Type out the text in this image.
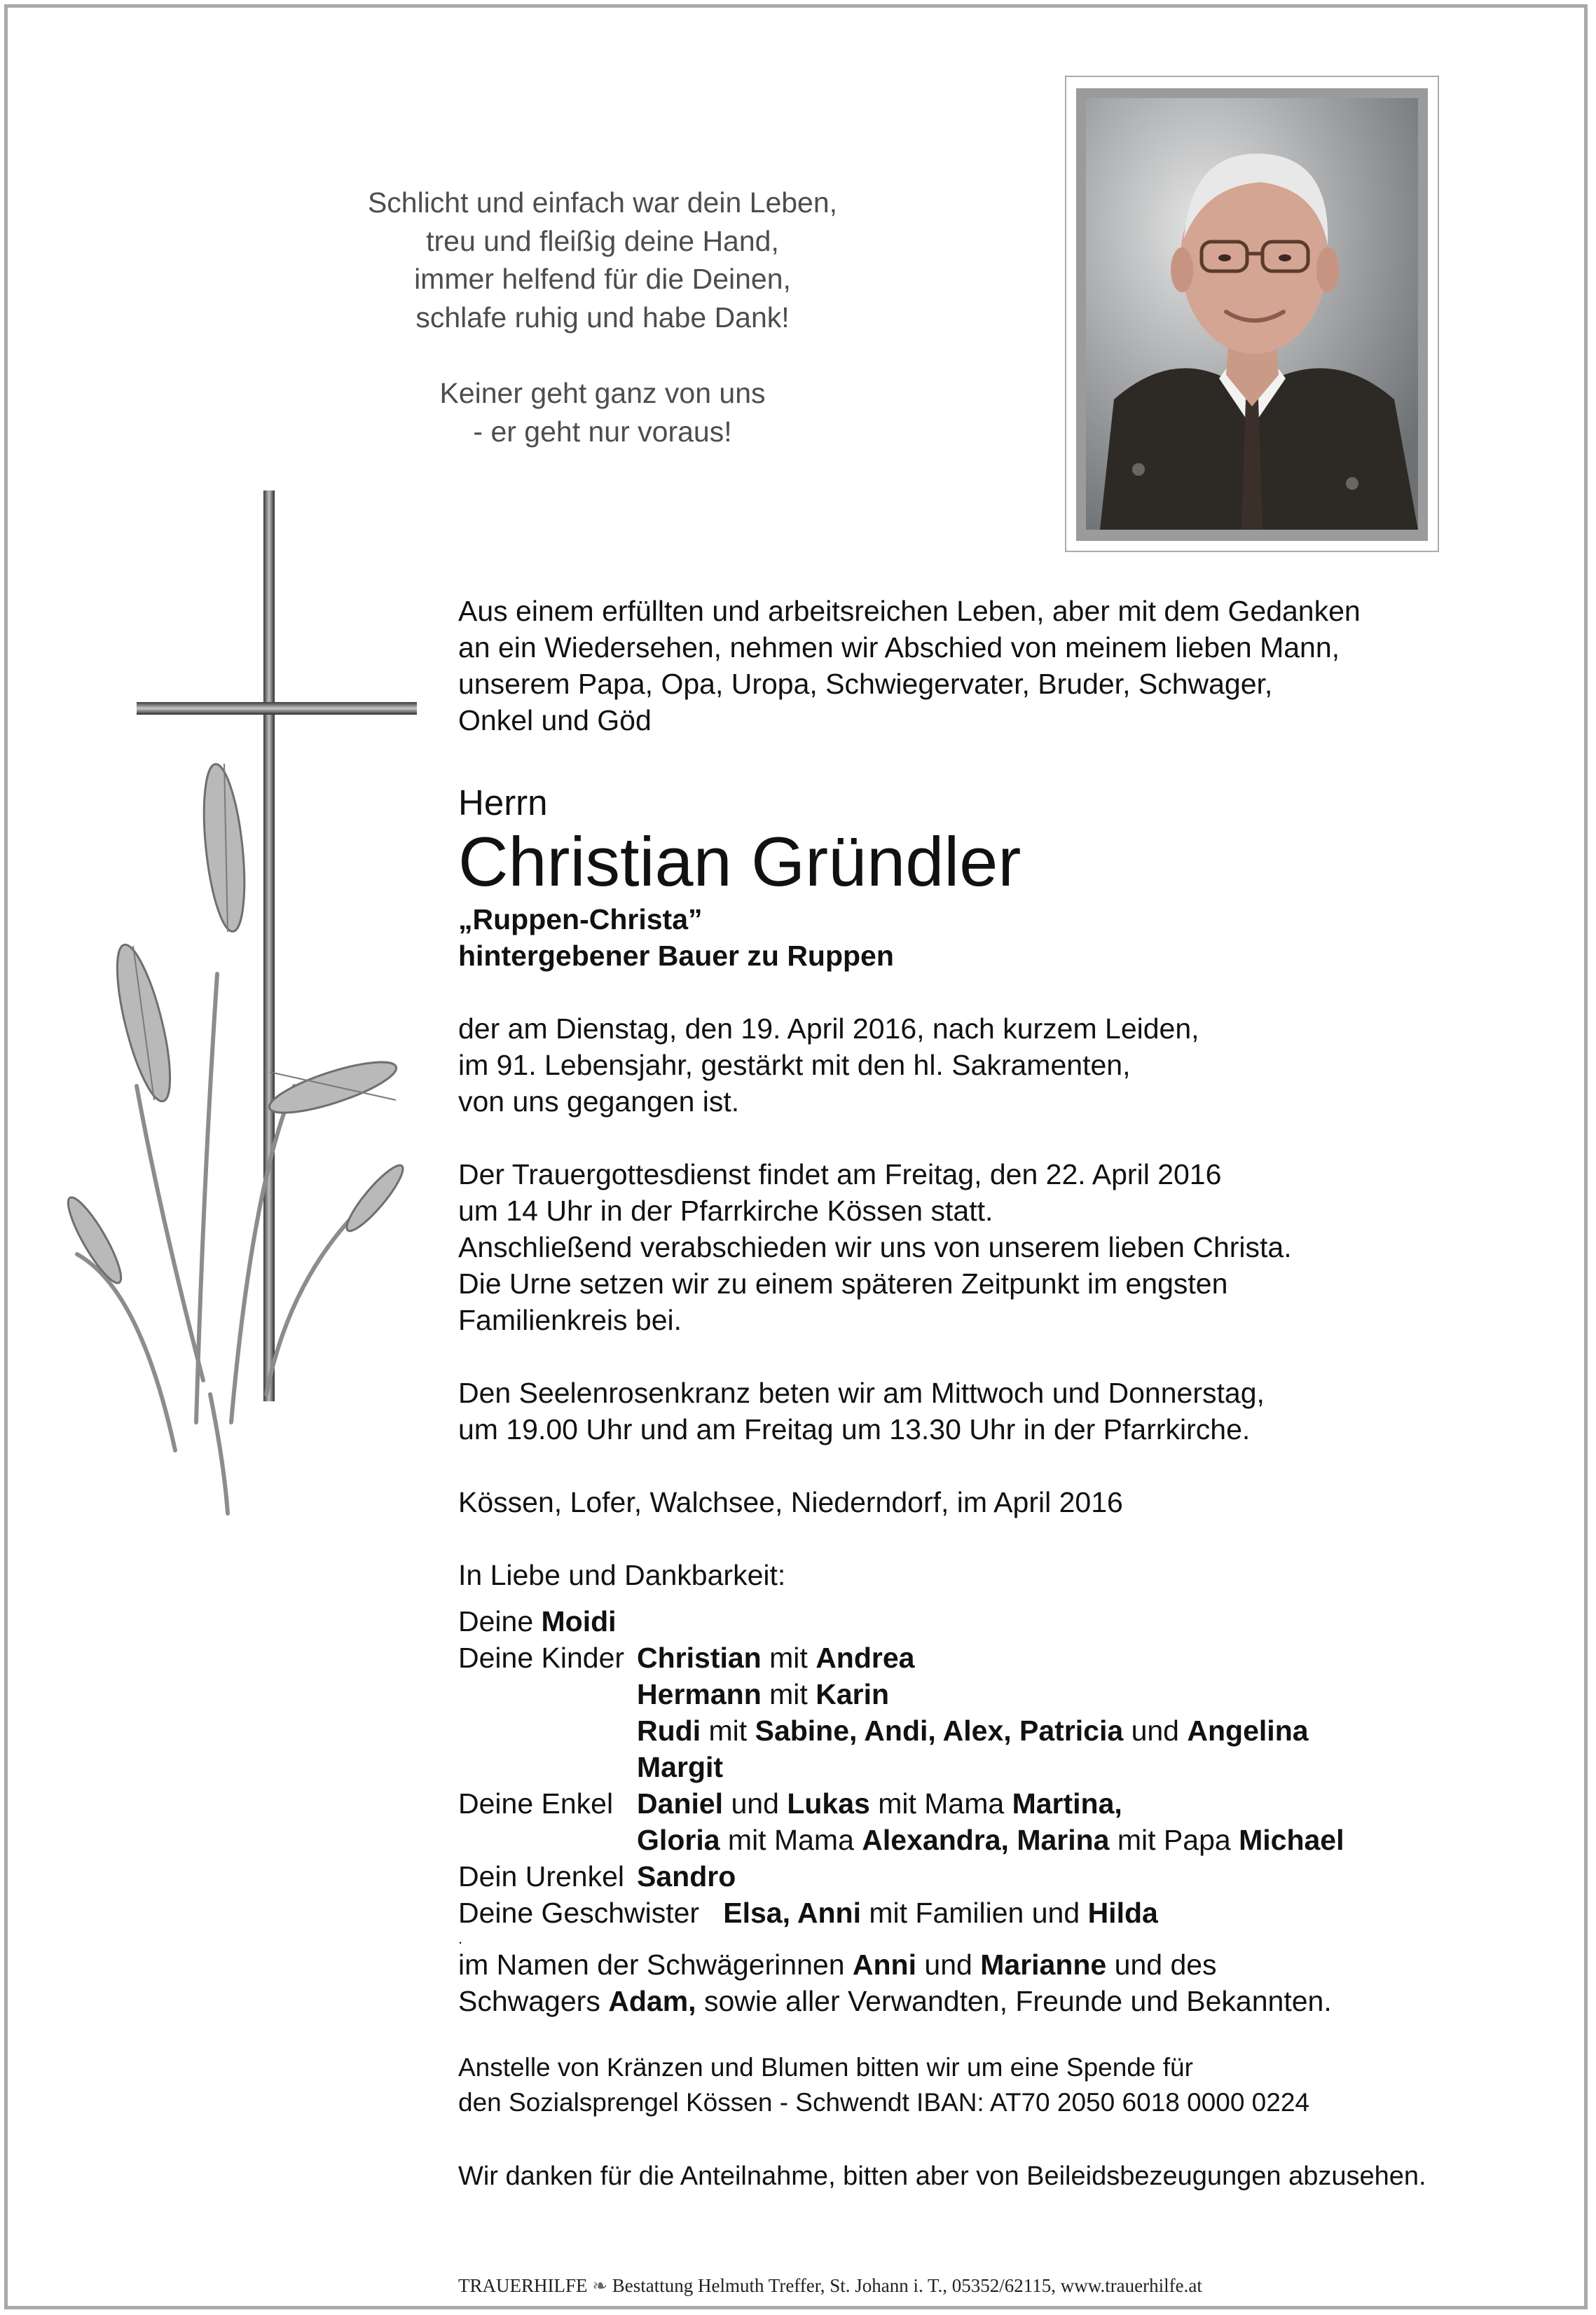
Schlicht und einfach war dein Leben,

treu und fleißig deine Hand,

immer helfend für die Deinen,

schlafe ruhig und habe Dank!

Keiner geht ganz von uns

- er geht nur voraus!

Aus einem erfüllten und arbeitsreichen Leben, aber mit dem Gedanken

an ein Wiedersehen, nehmen wir Abschied von meinem lieben Mann,

unserem Papa, Opa, Uropa, Schwiegervater, Bruder, Schwager,

Onkel und Göd

Herrn

Christian Gründler

„Ruppen-Christa”

hintergebener Bauer zu Ruppen

der am Dienstag, den 19. April 2016, nach kurzem Leiden,

im 91. Lebensjahr, gestärkt mit den hl. Sakramenten,

von uns gegangen ist.

Der Trauergottesdienst findet am Freitag, den 22. April 2016

um 14 Uhr in der Pfarrkirche Kössen statt.

Anschließend verabschieden wir uns von unserem lieben Christa.

Die Urne setzen wir zu einem späteren Zeitpunkt im engsten

Familienkreis bei.

Den Seelenrosenkranz beten wir am Mittwoch und Donnerstag,

um 19.00 Uhr und am Freitag um 13.30 Uhr in der Pfarrkirche.

Kössen, Lofer, Walchsee, Niederndorf, im April 2016

In Liebe und Dankbarkeit:

Deine Moidi	
Deine Kinder	Christian mit Andrea
	Hermann mit Karin
	Rudi mit Sabine, Andi, Alex, Patricia und Angelina
	Margit
Deine Enkel	Daniel und Lukas mit Mama Martina,
	Gloria mit Mama Alexandra, Marina mit Papa Michael
Dein Urenkel	Sandro
Deine Geschwister Elsa, Anni mit Familien und Hilda	

.

im Namen der Schwägerinnen Anni und Marianne und des

Schwagers Adam, sowie aller Verwandten, Freunde und Bekannten.

Anstelle von Kränzen und Blumen bitten wir um eine Spende für

den Sozialsprengel Kössen - Schwendt IBAN: AT70 2050 6018 0000 0224

Wir danken für die Anteilnahme, bitten aber von Beileidsbezeugungen abzusehen.

TRAUERHILFE ❧ Bestattung Helmuth Treffer, St. Johann i. T., 05352/62115, www.trauerhilfe.at
